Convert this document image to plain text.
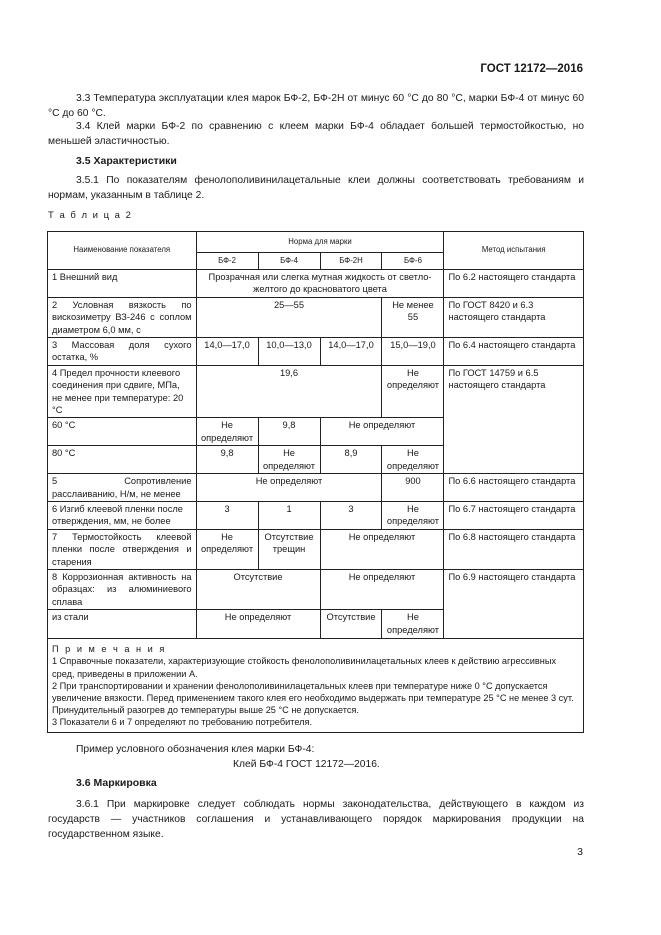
ГОСТ 12172—2016

3.3 Температура эксплуатации клея марок БФ-2, БФ-2Н от минус 60 °С до 80 °С, марки БФ-4 от минус 60 °С до 60 °С.

3.4 Клей марки БФ-2 по сравнению с клеем марки БФ-4 обладает большей термостойкостью, но меньшей эластичностью.

3.5 Характеристики

3.5.1 По показателям фенолополивинилацетальные клеи должны соответствовать требованиям и нормам, указанным в таблице 2.

Т а б л и ц а 2
Наименование показателя	Норма для марки				Метод испытания
	БФ-2	БФ-4	БФ-2Н	БФ-6	
1 Внешний вид	Прозрачная или слегка мутная жидкость от светло-желтого до красноватого цвета				По 6.2 настоящего стандарта
2 Условная вязкость по вискозиметру ВЗ-246 с соплом диаметром 6,0 мм, с	25—55			Не менее 55	По ГОСТ 8420 и 6.3 настоящего стандарта
3 Массовая доля сухого остатка, %	14,0—17,0	10,0—13,0	14,0—17,0	15,0—19,0	По 6.4 настоящего стандарта
4 Предел прочности клеевого соединения при сдвиге, МПа, не менее при температуре: 20 °С	19,6			Не определяют	По ГОСТ 14759 и 6.5 настоящего стандарта
60 °С	Не определяют	9,8	Не определяют		
80 °С	9,8	Не определяют	8,9	Не определяют	
5 Сопротивление расслаиванию, Н/м, не менее	Не определяют			900	По 6.6 настоящего стандарта
6 Изгиб клеевой пленки после отверждения, мм, не более	3	1	3	Не определяют	По 6.7 настоящего стандарта
7 Термостойкость клеевой пленки после отверждения и старения	Не определяют	Отсутствие трещин	Не определяют		По 6.8 настоящего стандарта
8 Коррозионная активность на образцах: из алюминиевого сплава	Отсутствие		Не определяют		По 6.9 настоящего стандарта
из стали	Не определяют		Отсутствие	Не определяют	

П р и м е ч а н и я
1 Справочные показатели, характеризующие стойкость фенолополивинилацетальных клеев к действию агрессивных сред, приведены в приложении А.
2 При транспортировании и хранении фенолополивинилацетальных клеев при температуре ниже 0 °С допускается увеличение вязкости. Перед применением такого клея его необходимо выдержать при температуре 25 °С не менее 3 сут. Принудительный разогрев до температуры выше 25 °С не допускается.
3 Показатели 6 и 7 определяют по требованию потребителя.					
Пример условного обозначения клея марки БФ-4:
Клей БФ-4 ГОСТ 12172—2016.

3.6 Маркировка

3.6.1 При маркировке следует соблюдать нормы законодательства, действующего в каждом из государств — участников соглашения и устанавливающего порядок маркирования продукции на государственном языке.

3
